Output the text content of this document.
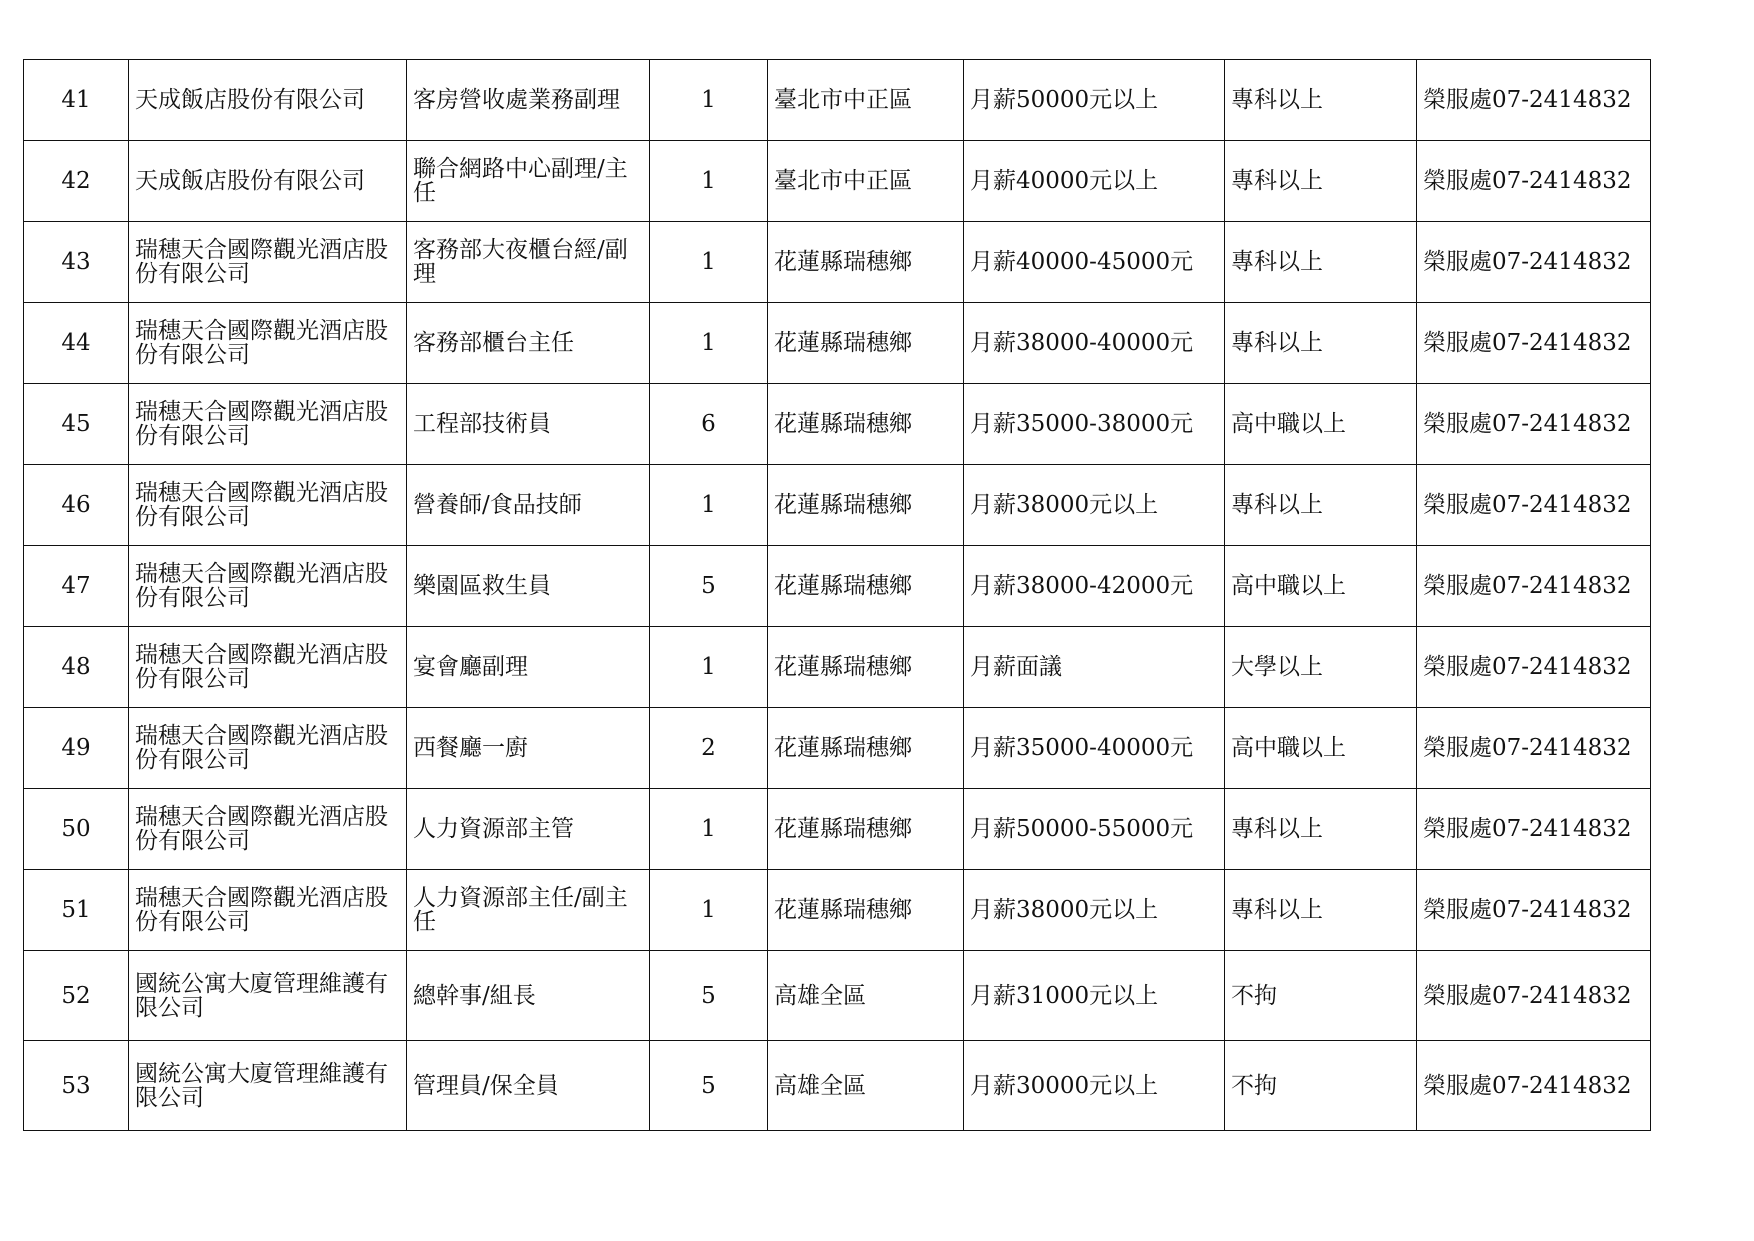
41	天成飯店股份有限公司	客房營收處業務副理	1	臺北市中正區	月薪50000元以上	專科以上	榮服處07-2414832
42	天成飯店股份有限公司	聯合網路中心副理/主任	1	臺北市中正區	月薪40000元以上	專科以上	榮服處07-2414832
43	瑞穗天合國際觀光酒店股份有限公司	客務部大夜櫃台經/副理	1	花蓮縣瑞穗鄉	月薪40000-45000元	專科以上	榮服處07-2414832
44	瑞穗天合國際觀光酒店股份有限公司	客務部櫃台主任	1	花蓮縣瑞穗鄉	月薪38000-40000元	專科以上	榮服處07-2414832
45	瑞穗天合國際觀光酒店股份有限公司	工程部技術員	6	花蓮縣瑞穗鄉	月薪35000-38000元	高中職以上	榮服處07-2414832
46	瑞穗天合國際觀光酒店股份有限公司	營養師/食品技師	1	花蓮縣瑞穗鄉	月薪38000元以上	專科以上	榮服處07-2414832
47	瑞穗天合國際觀光酒店股份有限公司	樂園區救生員	5	花蓮縣瑞穗鄉	月薪38000-42000元	高中職以上	榮服處07-2414832
48	瑞穗天合國際觀光酒店股份有限公司	宴會廳副理	1	花蓮縣瑞穗鄉	月薪面議	大學以上	榮服處07-2414832
49	瑞穗天合國際觀光酒店股份有限公司	西餐廳一廚	2	花蓮縣瑞穗鄉	月薪35000-40000元	高中職以上	榮服處07-2414832
50	瑞穗天合國際觀光酒店股份有限公司	人力資源部主管	1	花蓮縣瑞穗鄉	月薪50000-55000元	專科以上	榮服處07-2414832
51	瑞穗天合國際觀光酒店股份有限公司	人力資源部主任/副主任	1	花蓮縣瑞穗鄉	月薪38000元以上	專科以上	榮服處07-2414832
52	國統公寓大廈管理維護有限公司	總幹事/組長	5	高雄全區	月薪31000元以上	不拘	榮服處07-2414832
53	國統公寓大廈管理維護有限公司	管理員/保全員	5	高雄全區	月薪30000元以上	不拘	榮服處07-2414832
